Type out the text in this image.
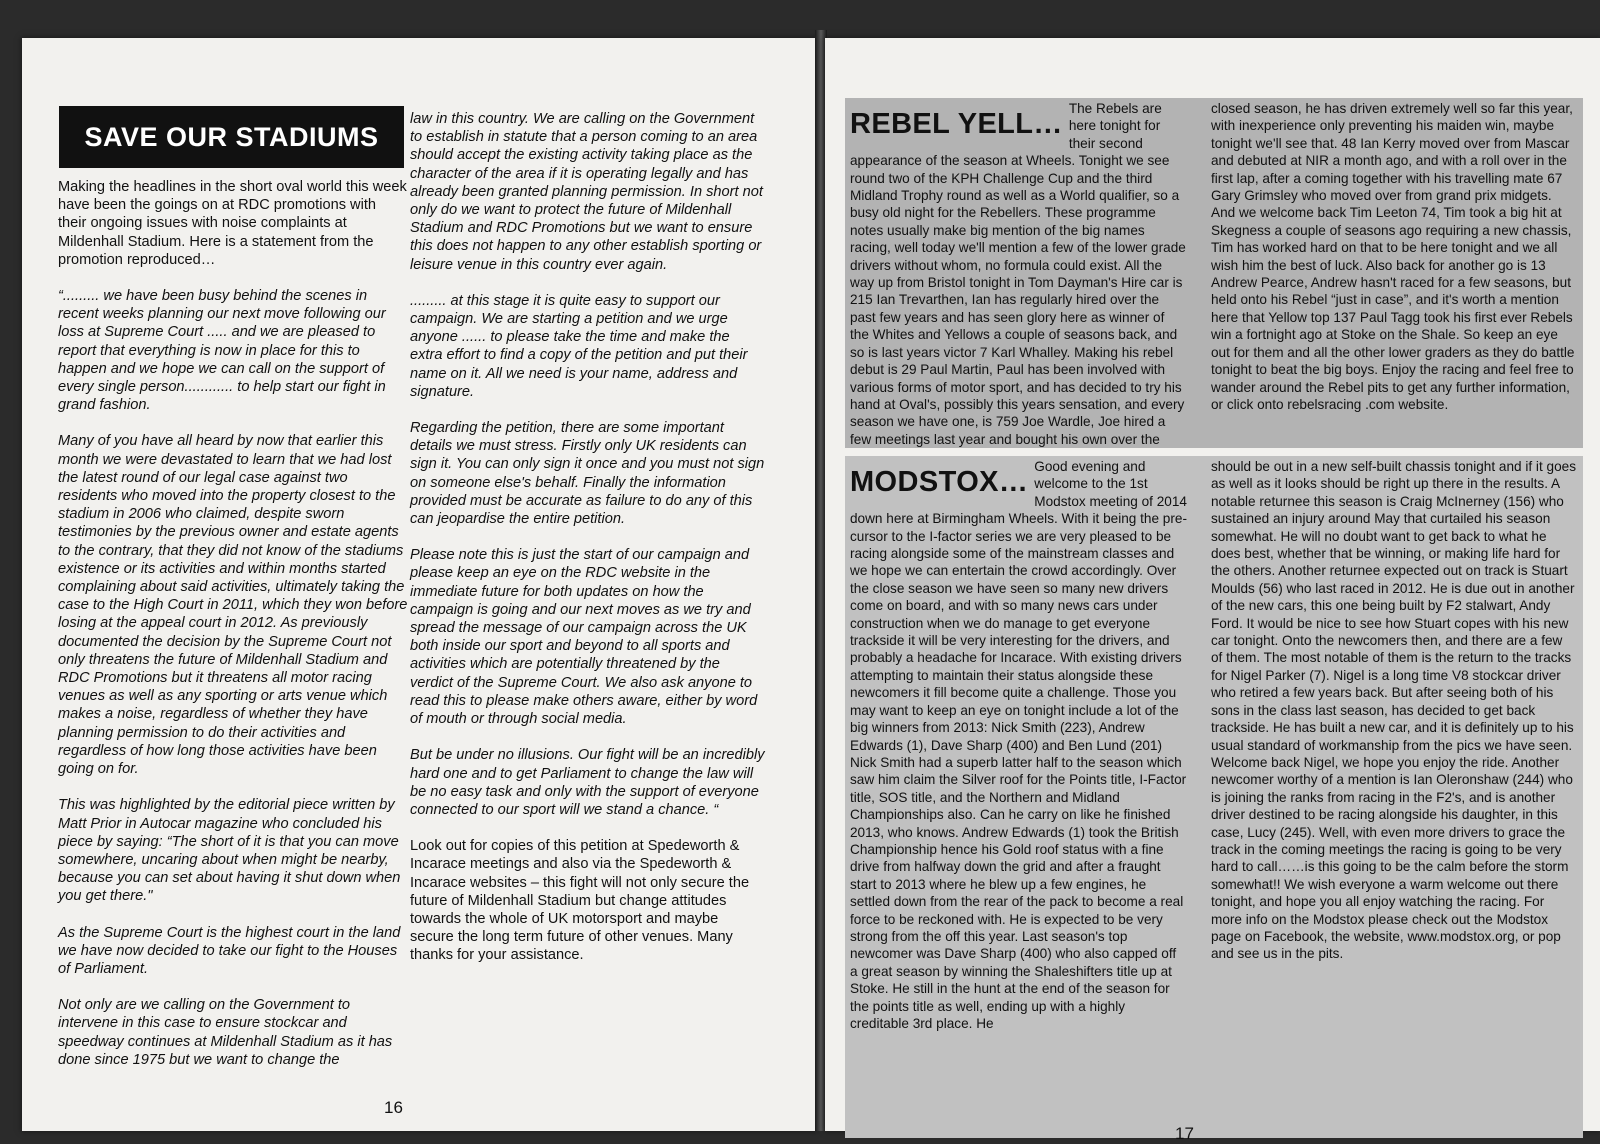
SAVE OUR STADIUMS

Making the headlines in the short oval world this week have been the goings on at RDC promotions with their ongoing issues with noise complaints at Mildenhall Stadium. Here is a statement from the promotion reproduced…

“......... we have been busy behind the scenes in recent weeks planning our next move following our loss at Supreme Court ..... and we are pleased to report that everything is now in place for this to happen and we hope we can call on the support of every single person............ to help start our fight in grand fashion.

Many of you have all heard by now that earlier this month we were devastated to learn that we had lost the latest round of our legal case against two residents who moved into the property closest to the stadium in 2006 who claimed, despite sworn testimonies by the previous owner and estate agents to the contrary, that they did not know of the stadiums existence or its activities and within months started complaining about said activities, ultimately taking the case to the High Court in 2011, which they won before losing at the appeal court in 2012. As previously documented the decision by the Supreme Court not only threatens the future of Mildenhall Stadium and RDC Promotions but it threatens all motor racing venues as well as any sporting or arts venue which makes a noise, regardless of whether they have planning permission to do their activities and regardless of how long those activities have been going on for.

This was highlighted by the editorial piece written by Matt Prior in Autocar magazine who concluded his piece by saying: “The short of it is that you can move somewhere, uncaring about when might be nearby, because you can set about having it shut down when you get there."

As the Supreme Court is the highest court in the land we have now decided to take our fight to the Houses of Parliament.

Not only are we calling on the Government to intervene in this case to ensure stockcar and speedway continues at Mildenhall Stadium as it has done since 1975 but we want to change the

law in this country. We are calling on the Government to establish in statute that a person coming to an area should accept the existing activity taking place as the character of the area if it is operating legally and has already been granted planning permission. In short not only do we want to protect the future of Mildenhall Stadium and RDC Promotions but we want to ensure this does not happen to any other establish sporting or leisure venue in this country ever again.

......... at this stage it is quite easy to support our campaign. We are starting a petition and we urge anyone ...... to please take the time and make the extra effort to find a copy of the petition and put their name on it. All we need is your name, address and signature.

Regarding the petition, there are some important details we must stress. Firstly only UK residents can sign it. You can only sign it once and you must not sign on someone else's behalf. Finally the information provided must be accurate as failure to do any of this can jeopardise the entire petition.

Please note this is just the start of our campaign and please keep an eye on the RDC website in the immediate future for both updates on how the campaign is going and our next moves as we try and spread the message of our campaign across the UK both inside our sport and beyond to all sports and activities which are potentially threatened by the verdict of the Supreme Court. We also ask anyone to read this to please make others aware, either by word of mouth or through social media.

But be under no illusions. Our fight will be an incredibly hard one and to get Parliament to change the law will be no easy task and only with the support of everyone connected to our sport will we stand a chance. “

Look out for copies of this petition at Spedeworth & Incarace meetings and also via the Spedeworth & Incarace websites – this fight will not only secure the future of Mildenhall Stadium but change attitudes towards the whole of UK motorsport and maybe secure the long term future of other venues. Many thanks for your assistance.

16
REBEL YELL… The Rebels are here tonight for their second appearance of the season at Wheels. Tonight we see round two of the KPH Challenge Cup and the third Midland Trophy round as well as a World qualifier, so a busy old night for the Rebellers. These programme notes usually make big mention of the big names racing, well today we'll mention a few of the lower grade drivers without whom, no formula could exist. All the way up from Bristol tonight in Tom Dayman's Hire car is 215 Ian Trevarthen, Ian has regularly hired over the past few years and has seen glory here as winner of the Whites and Yellows a couple of seasons back, and so is last years victor 7 Karl Whalley. Making his rebel debut is 29 Paul Martin, Paul has been involved with various forms of motor sport, and has decided to try his hand at Oval's, possibly this years sensation, and every season we have one, is 759 Joe Wardle, Joe hired a few meetings last year and bought his own over the

closed season, he has driven extremely well so far this year, with inexperience only preventing his maiden win, maybe tonight we'll see that. 48 Ian Kerry moved over from Mascar and debuted at NIR a month ago, and with a roll over in the first lap, after a coming together with his travelling mate 67 Gary Grimsley who moved over from grand prix midgets. And we welcome back Tim Leeton 74, Tim took a big hit at Skegness a couple of seasons ago requiring a new chassis, Tim has worked hard on that to be here tonight and we all wish him the best of luck. Also back for another go is 13 Andrew Pearce, Andrew hasn't raced for a few seasons, but held onto his Rebel “just in case”, and it's worth a mention here that Yellow top 137 Paul Tagg took his first ever Rebels win a fortnight ago at Stoke on the Shale. So keep an eye out for them and all the other lower graders as they do battle tonight to beat the big boys. Enjoy the racing and feel free to wander around the Rebel pits to get any further information, or click onto rebelsracing .com website.

MODSTOX… Good evening and welcome to the 1st Modstox meeting of 2014 down here at Birmingham Wheels. With it being the pre-cursor to the I-factor series we are very pleased to be racing alongside some of the mainstream classes and we hope we can entertain the crowd accordingly. Over the close season we have seen so many new drivers come on board, and with so many news cars under construction when we do manage to get everyone trackside it will be very interesting for the drivers, and probably a headache for Incarace. With existing drivers attempting to maintain their status alongside these newcomers it fill become quite a challenge. Those you may want to keep an eye on tonight include a lot of the big winners from 2013: Nick Smith (223), Andrew Edwards (1), Dave Sharp (400) and Ben Lund (201) Nick Smith had a superb latter half to the season which saw him claim the Silver roof for the Points title, I-Factor title, SOS title, and the Northern and Midland Championships also. Can he carry on like he finished 2013, who knows. Andrew Edwards (1) took the British Championship hence his Gold roof status with a fine drive from halfway down the grid and after a fraught start to 2013 where he blew up a few engines, he settled down from the rear of the pack to become a real force to be reckoned with. He is expected to be very strong from the off this year. Last season's top newcomer was Dave Sharp (400) who also capped off a great season by winning the Shaleshifters title up at Stoke. He still in the hunt at the end of the season for the points title as well, ending up with a highly creditable 3rd place. He

should be out in a new self-built chassis tonight and if it goes as well as it looks should be right up there in the results. A notable returnee this season is Craig McInerney (156) who sustained an injury around May that curtailed his season somewhat. He will no doubt want to get back to what he does best, whether that be winning, or making life hard for the others. Another returnee expected out on track is Stuart Moulds (56) who last raced in 2012. He is due out in another of the new cars, this one being built by F2 stalwart, Andy Ford. It would be nice to see how Stuart copes with his new car tonight. Onto the newcomers then, and there are a few of them. The most notable of them is the return to the tracks for Nigel Parker (7). Nigel is a long time V8 stockcar driver who retired a few years back. But after seeing both of his sons in the class last season, has decided to get back trackside. He has built a new car, and it is definitely up to his usual standard of workmanship from the pics we have seen. Welcome back Nigel, we hope you enjoy the ride. Another newcomer worthy of a mention is Ian Oleronshaw (244) who is joining the ranks from racing in the F2's, and is another driver destined to be racing alongside his daughter, in this case, Lucy (245). Well, with even more drivers to grace the track in the coming meetings the racing is going to be very hard to call……is this going to be the calm before the storm somewhat!! We wish everyone a warm welcome out there tonight, and hope you all enjoy watching the racing. For more info on the Modstox please check out the Modstox page on Facebook, the website, www.modstox.org, or pop and see us in the pits.

17
